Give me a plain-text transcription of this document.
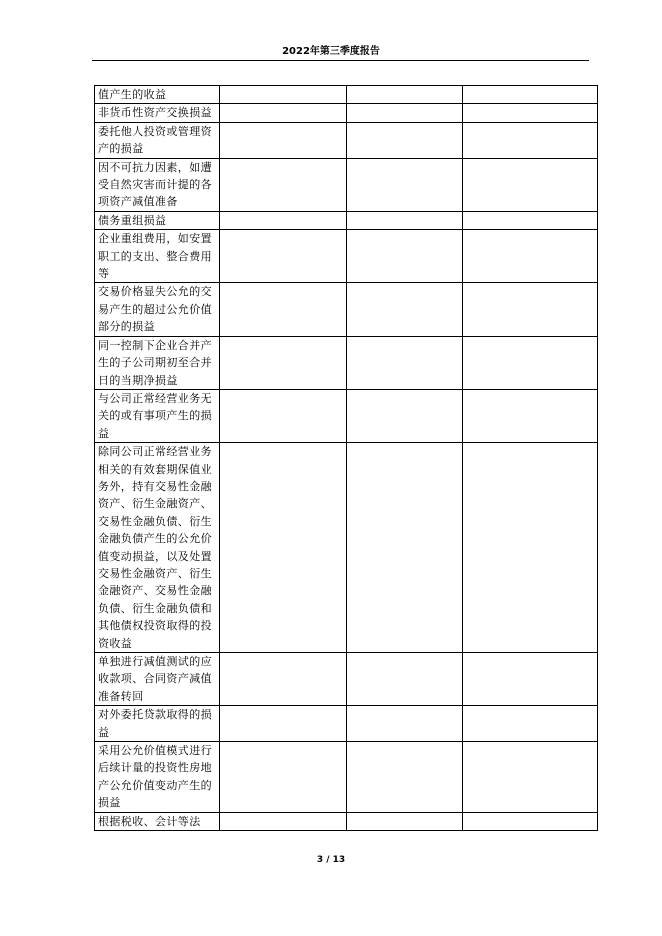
2022年第三季度报告
值产生的收益			
非货币性资产交换损益			
委托他人投资或管理资产的损益			
因不可抗力因素，如遭受自然灾害而计提的各项资产减值准备			
债务重组损益			
企业重组费用，如安置职工的支出、整合费用等			
交易价格显失公允的交易产生的超过公允价值部分的损益			
同一控制下企业合并产生的子公司期初至合并日的当期净损益			
与公司正常经营业务无关的或有事项产生的损益			
除同公司正常经营业务相关的有效套期保值业务外，持有交易性金融资产、衍生金融资产、交易性金融负债、衍生金融负债产生的公允价值变动损益，以及处置交易性金融资产、衍生金融资产、交易性金融负债、衍生金融负债和其他债权投资取得的投资收益			
单独进行减值测试的应收款项、合同资产减值准备转回			
对外委托贷款取得的损益			
采用公允价值模式进行后续计量的投资性房地产公允价值变动产生的损益			
根据税收、会计等法			
3 / 13
